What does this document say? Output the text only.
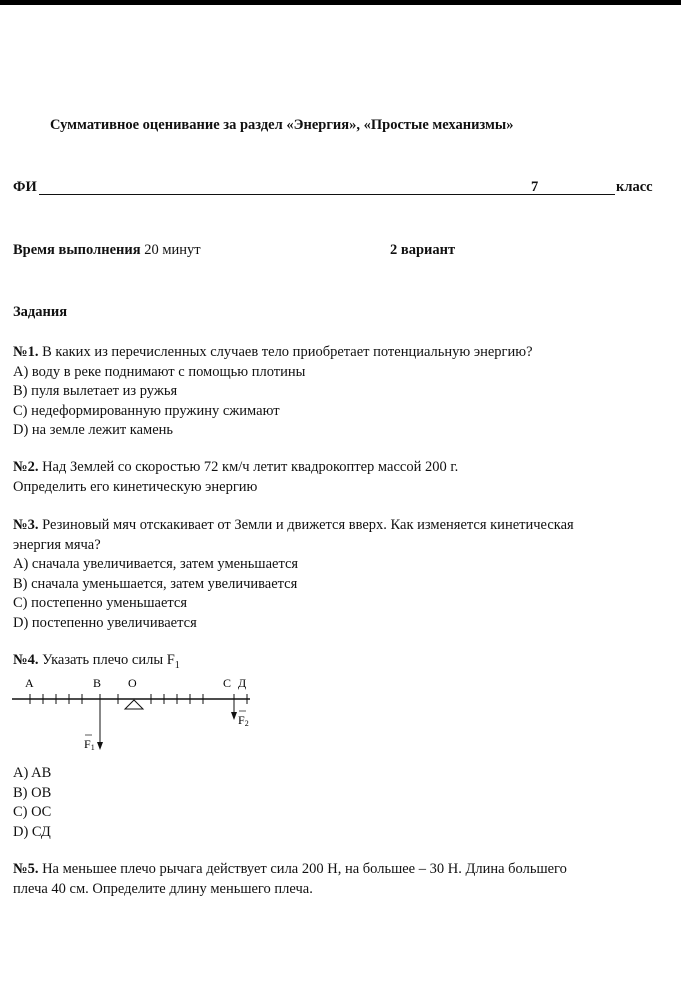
Суммативное оценивание за раздел «Энергия», «Простые механизмы»
ФИ	7	класс
Время выполнения 20 минут	2 вариант
Задания
№1. В каких из перечисленных случаев тело приобретает потенциальную энергию?
A) воду в реке поднимают с помощью плотины
B) пуля вылетает из ружья
C) недеформированную пружину сжимают
D) на земле лежит камень
№2. Над Землей со скоростью 72 км/ч летит квадрокоптер массой 200 г.
Определить его кинетическую энергию
№3. Резиновый мяч отскакивает от Земли и движется вверх. Как изменяется кинетическая
энергия мяча?
A) сначала увеличивается, затем уменьшается
B) сначала уменьшается, затем увеличивается
C) постепенно уменьшается
D) постепенно увеличивается
№4. Указать плечо силы $F_1$
A	B O	C Д
F1
F2
A) AB
B) OB
C) OC
D) СД
№5. На меньшее плечо рычага действует сила 200 Н, на большее – 30 Н. Длина большего
плеча 40 см. Определите длину меньшего плеча.
